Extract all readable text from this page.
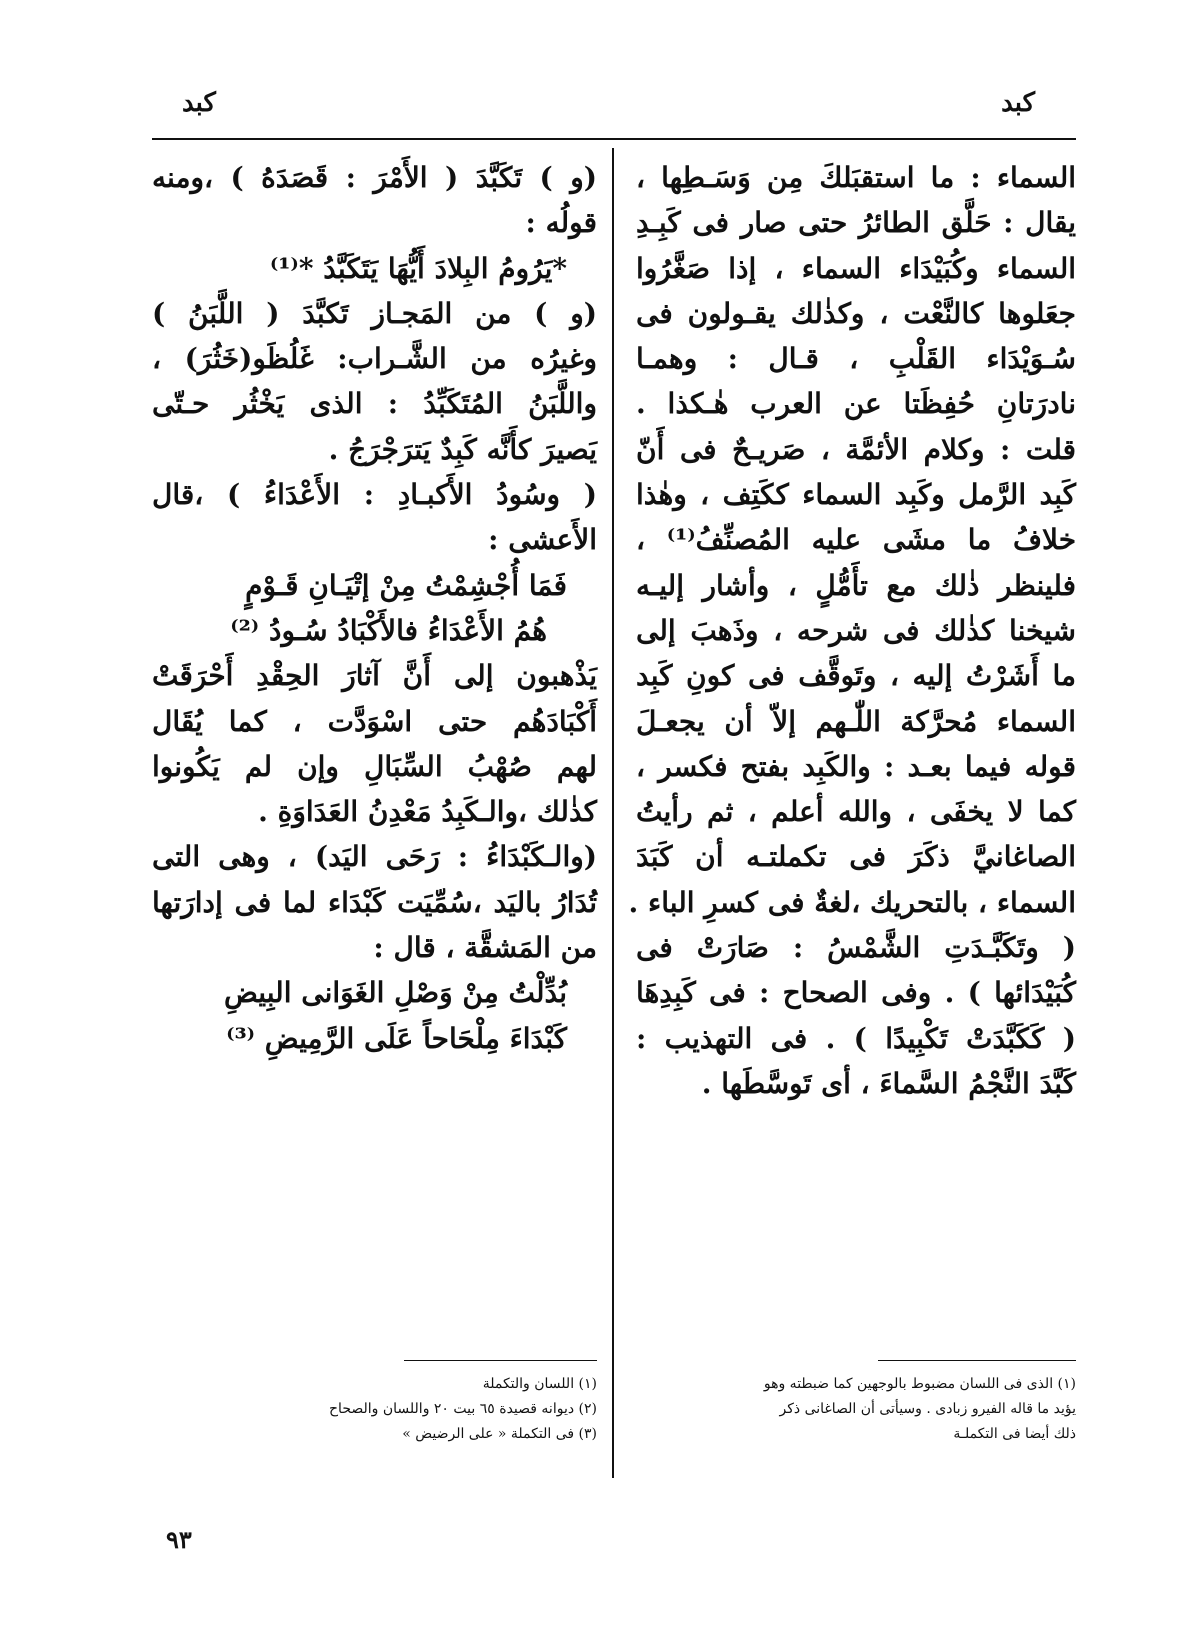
كبد
كبد
السماء : ما استقبَلكَ مِن وَسَـطِها ،
يقال : حَلَّق الطائرُ حتى صار فى كَبِـدِ
السماء وكُبَيْدَاء السماء ، إذا صَغَّرُوا
جعَلوها كالنَّعْت ، وكذٰلك يقـولون فى
سُـوَيْدَاء القَلْبِ ، قـال : وهمـا
نادرَتانِ حُفِظَتا عن العرب هٰـكذا .
قلت : وكلام الأئمَّة ، صَريـحٌ فى أَنّ
كَبِد الرَّمل وكَبِد السماء ككَتِف ، وهٰذا
خلافُ ما مشَى عليه المُصنِّفُ⁽¹⁾ ،
فلينظر ذٰلك مع تأَمُّلٍ ، وأشار إليـه
شيخنا كذٰلك فى شرحه ، وذَهبَ إلى
ما أَشَرْتُ إليه ، وتَوقَّف فى كونِ كَبِد
السماء مُحرَّكة اللّٰـهم إلاّ أن يجعـلَ
قوله فيما بعـد : والكَبِد بفتح فكسر ،
كما لا يخفَى ، والله أعلم ، ثم رأيتُ
الصاغانيَّ ذكَرَ فى تكملتـه أن كَبَدَ
السماء ، بالتحريك ،لغةٌ فى كسرِ الباء .
( وتَكَبَّـدَتِ الشَّمْسُ : صَارَتْ فى
كُبَيْدَائها ) . وفى الصحاح : فى كَبِدِهَا
( كَكَبَّدَتْ تَكْبِيدًا ) . فى التهذيب :
كَبَّدَ النَّجْمُ السَّماءَ ، أى تَوسَّطَها .
(و ) تَكَبَّدَ ( الأَمْرَ : قَصَدَهُ ) ،ومنه
قولُه :
*يَرُومُ البِلادَ أَيُّهَا يَتَكَبَّدُ *⁽¹⁾
(و ) من المَجـاز تَكبَّدَ ( اللَّبَنُ )
وغيرُه من الشَّـراب: غَلُظَو(خَثُرَ) ،
واللَّبَنُ المُتَكَبِّدُ : الذى يَخْثُر حـتّى
يَصيرَ كأَنَّه كَبِدٌ يَترَجْرَجُ .
( وسُودُ الأَكبـادِ : الأَعْدَاءُ ) ،قال
الأَعشى :
فَمَا أُجْشِمْتُ مِنْ إتْيَـانِ قَـوْمٍ
هُمُ الأَعْدَاءُ فالأَكْبَادُ سُـودُ ⁽²⁾
يَذْهبون إلى أَنَّ آثارَ الحِقْدِ أَحْرَقَتْ
أَكْبَادَهُم حتى اسْوَدَّت ، كما يُقَال
لهم صُهْبُ السِّبَالِ وإن لم يَكُونوا
كذٰلك ،والـكَبِدُ مَعْدِنُ العَدَاوَةِ .
(والـكَبْدَاءُ : رَحَى اليَد) ، وهى التى
تُدَارُ باليَد ،سُمِّيَت كَبْدَاء لما فى إدارَتها
من المَشقَّة ، قال :
بُدِّلْتُ مِنْ وَصْلِ الغَوَانى البِيضِ
كَبْدَاءَ مِلْحَاحاً عَلَى الرَّمِيضِ ⁽³⁾
(١) الذى فى اللسان مضبوط بالوجهين كما ضبطته وهو
يؤيد ما قاله الفيرو زبادى . وسيأتى أن الصاغانى ذكر
ذلك أيضا فى التكملـة
(١) اللسان والتكملة
(٢) ديوانه قصيدة ٦٥ بيت ٢٠ واللسان والصحاح
(٣) فى التكملة « على الرضيض »
٩٣
